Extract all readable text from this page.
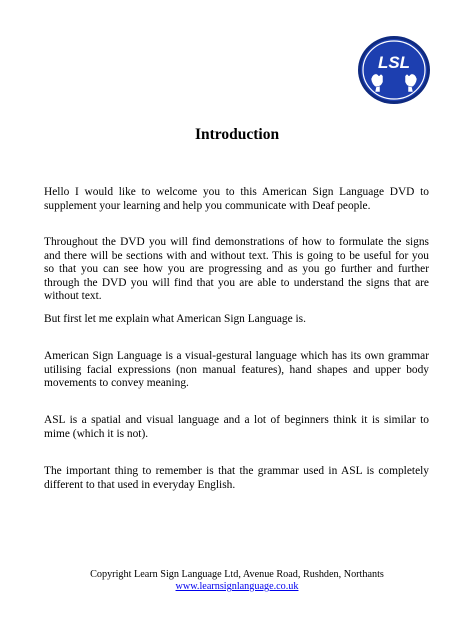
LSL
Introduction

Hello I would like to welcome you to this American Sign Language DVD to supplement your learning and help you communicate with Deaf people.

Throughout the DVD you will find demonstrations of how to formulate the signs and there will be sections with and without text. This is going to be useful for you so that you can see how you are progressing and as you go further and further through the DVD you will find that you are able to understand the signs that are without text.

But first let me explain what American Sign Language is.

American Sign Language is a visual-gestural language which has its own grammar utilising facial expressions (non manual features), hand shapes and upper body movements to convey meaning.

ASL is a spatial and visual language and a lot of beginners think it is similar to mime (which it is not).

The important thing to remember is that the grammar used in ASL is completely different to that used in everyday English.

Copyright Learn Sign Language Ltd, Avenue Road, Rushden, Northants
www.learnsignlanguage.co.uk
